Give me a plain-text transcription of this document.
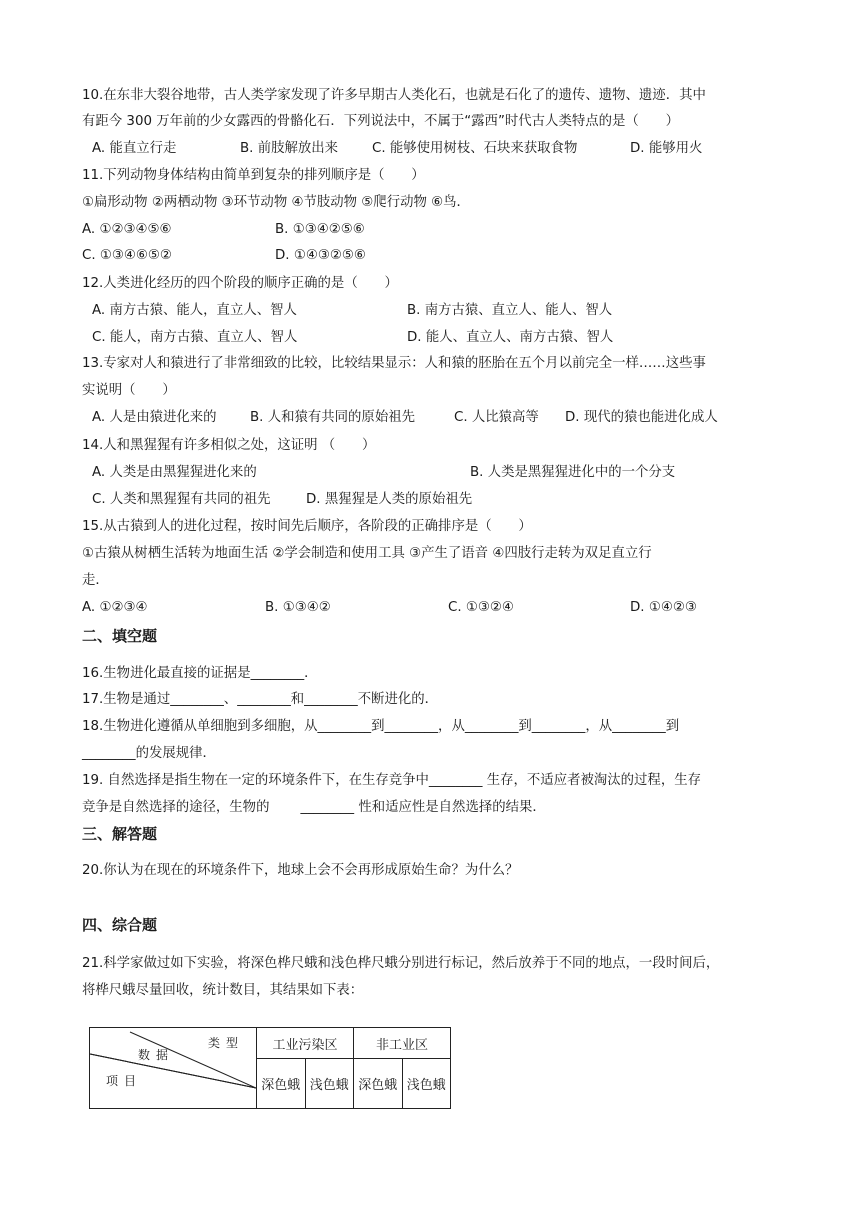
10.在东非大裂谷地带，古人类学家发现了许多早期古人类化石，也就是石化了的遗传、遗物、遗迹．其中
有距今 300 万年前的少女露西的骨骼化石．下列说法中，不属于“露西”时代古人类特点的是（　　）
A. 能直立行走	B. 前肢解放出来	C. 能够使用树枝、石块来获取食物	D. 能够用火
11.下列动物身体结构由简单到复杂的排列顺序是（　　）
①扁形动物 ②两栖动物 ③环节动物 ④节肢动物 ⑤爬行动物 ⑥鸟．
A. ①②③④⑤⑥	B. ①③④②⑤⑥
C. ①③④⑥⑤②	D. ①④③②⑤⑥
12.人类进化经历的四个阶段的顺序正确的是（　　）
A. 南方古猿、能人，直立人、智人	B. 南方古猿、直立人、能人、智人
C. 能人，南方古猿、直立人、智人	D. 能人、直立人、南方古猿、智人
13.专家对人和猿进行了非常细致的比较，比较结果显示：人和猿的胚胎在五个月以前完全一样……这些事
实说明（　　）
A. 人是由猿进化来的 B. 人和猿有共同的原始祖先	C. 人比猿高等 D. 现代的猿也能进化成人
14.人和黑猩猩有许多相似之处，这证明 （　　）
A. 人类是由黑猩猩进化来的	B. 人类是黑猩猩进化中的一个分支
C. 人类和黑猩猩有共同的祖先	D. 黑猩猩是人类的原始祖先
15.从古猿到人的进化过程，按时间先后顺序，各阶段的正确排序是（　　）
①古猿从树栖生活转为地面生活 ②学会制造和使用工具 ③产生了语音 ④四肢行走转为双足直立行
走．
A. ①②③④	B. ①③④②	C. ①③②④	D. ①④②③
二、填空题
16.生物进化最直接的证据是________．
17.生物是通过________、________和________不断进化的．
18.生物进化遵循从单细胞到多细胞，从________到________，从________到________，从________到
________的发展规律．
19. 自然选择是指生物在一定的环境条件下，在生存竞争中________ 生存，不适应者被淘汰的过程，生存
竞争是自然选择的途径，生物的　　 ________ 性和适应性是自然选择的结果．
三、解答题
20.你认为在现在的环境条件下，地球上会不会再形成原始生命？为什么？
四、综合题
21.科学家做过如下实验，将深色桦尺蛾和浅色桦尺蛾分别进行标记，然后放养于不同的地点，一段时间后，
将桦尺蛾尽量回收，统计数目，其结果如下表：
类型
数据
项目	工业污染区		非工业区	
	深色蛾	浅色蛾	深色蛾	浅色蛾
